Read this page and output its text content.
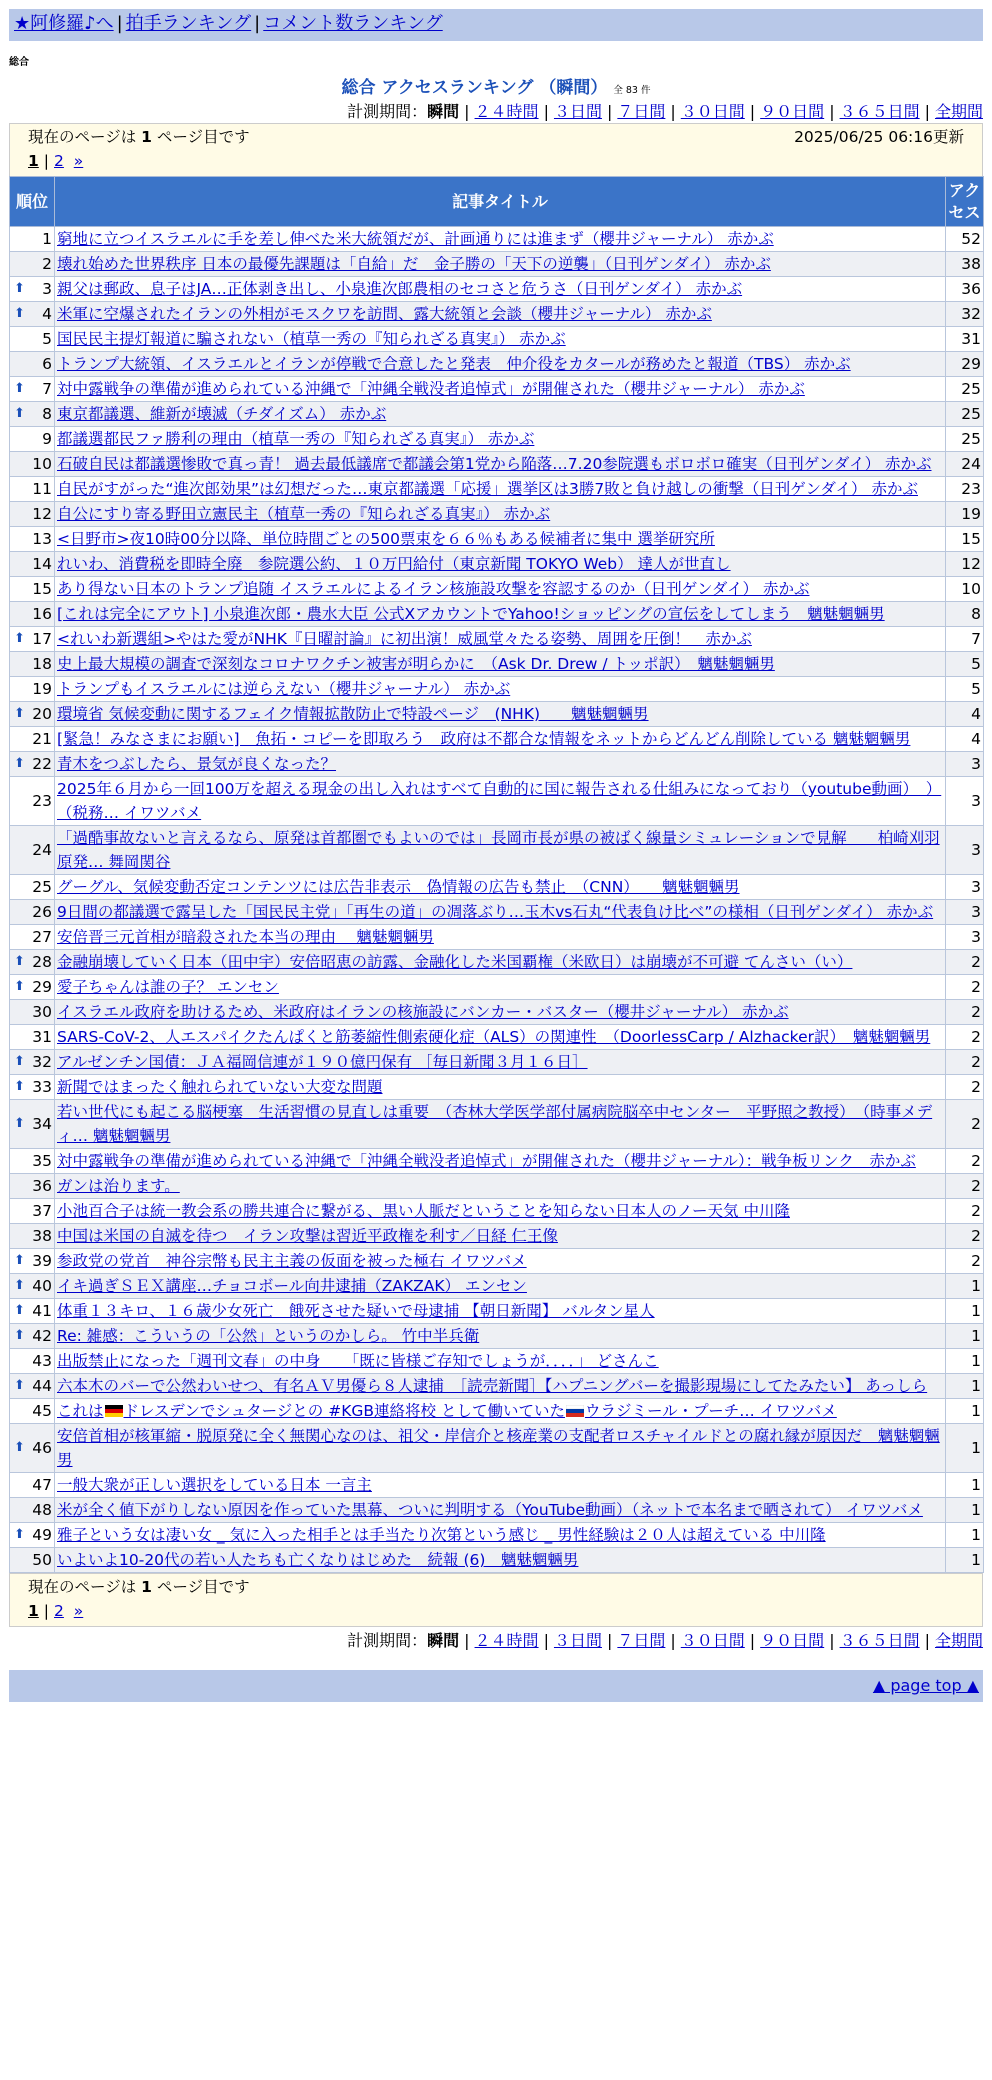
★阿修羅♪へ | 拍手ランキング | コメント数ランキング
総合
総合 アクセスランキング （瞬間） 全 83 件
計測期間：瞬間 | ２４時間 | ３日間 | ７日間 | ３０日間 | ９０日間 | ３６５日間 | 全期間
現在のページは 1 ページ目です	2025/06/25 06:16更新
1 | 2 »
順位	記事タイトル	アクセス
1	窮地に立つイスラエルに手を差し伸べた米大統領だが、計画通りには進まず（櫻井ジャーナル） 赤かぶ	52
2	壊れ始めた世界秩序 日本の最優先課題は「自給」だ　金子勝の「天下の逆襲」（日刊ゲンダイ） 赤かぶ	38

⬆ 3	親父は郵政、息子はJA…正体剥き出し、小泉進次郎農相のセコさと危うさ（日刊ゲンダイ） 赤かぶ	36

⬆ 4	米軍に空爆されたイランの外相がモスクワを訪問、露大統領と会談（櫻井ジャーナル） 赤かぶ	32
5	国民民主提灯報道に騙されない（植草一秀の『知られざる真実』） 赤かぶ	31
6	トランプ大統領、イスラエルとイランが停戦で合意したと発表　仲介役をカタールが務めたと報道（TBS） 赤かぶ	29

⬆ 7	対中露戦争の準備が進められている沖縄で「沖縄全戦没者追悼式」が開催された（櫻井ジャーナル） 赤かぶ	25

⬆ 8	東京都議選、維新が壊滅（チダイズム） 赤かぶ	25
9	都議選都民ファ勝利の理由（植草一秀の『知られざる真実』） 赤かぶ	25
10	石破自民は都議選惨敗で真っ青！ 過去最低議席で都議会第1党から陥落…7.20参院選もボロボロ確実（日刊ゲンダイ） 赤かぶ	24
11	自民がすがった“進次郎効果”は幻想だった…東京都議選「応援」選挙区は3勝7敗と負け越しの衝撃（日刊ゲンダイ） 赤かぶ	23
12	自公にすり寄る野田立憲民主（植草一秀の『知られざる真実』） 赤かぶ	19
13	<日野市>夜10時00分以降、単位時間ごとの500票束を６６％もある候補者に集中 選挙研究所	15
14	れいわ、消費税を即時全廃　参院選公約、１０万円給付（東京新聞 TOKYO Web） 達人が世直し	12
15	あり得ない日本のトランプ追随 イスラエルによるイラン核施設攻撃を容認するのか（日刊ゲンダイ） 赤かぶ	10
16	[これは完全にアウト] 小泉進次郎・農水大臣 公式XアカウントでYahoo!ショッピングの宣伝をしてしまう　魑魅魍魎男	8

⬆ 17	<れいわ新選組>やはた愛がNHK『日曜討論』に初出演！威風堂々たる姿勢、周囲を圧倒！　赤かぶ	7
18	史上最大規模の調査で深刻なコロナワクチン被害が明らかに　（Ask Dr. Drew / トッポ訳）　魑魅魍魎男	5
19	トランプもイスラエルには逆らえない（櫻井ジャーナル） 赤かぶ	5

⬆ 20	環境省 気候変動に関するフェイク情報拡散防止で特設ページ　(NHK)　　魑魅魍魎男	4
21	[緊急！みなさまにお願い]　魚拓・コピーを即取ろう　政府は不都合な情報をネットからどんどん削除している 魑魅魍魎男	4

⬆ 22	青木をつぶしたら、景気が良くなった？	3
23	2025年６月から一回100万を超える現金の出し入れはすべて自動的に国に報告される仕組みになっており（youtube動画）　）（税務… イワツバメ	3
24	「過酷事故ないと言えるなら、原発は首都圏でもよいのでは」長岡市長が県の被ばく線量シミュレーションで見解　　柏崎刈羽原発… 舞岡関谷	3
25	グーグル、気候変動否定コンテンツには広告非表示　偽情報の広告も禁止　（CNN）　　魑魅魍魎男	3
26	9日間の都議選で露呈した「国民民主党」「再生の道」の凋落ぶり…玉木vs石丸“代表負け比べ”の様相（日刊ゲンダイ） 赤かぶ	3
27	安倍晋三元首相が暗殺された本当の理由　 魑魅魍魎男	3

⬆ 28	金融崩壊していく日本（田中宇）安倍昭恵の訪露、金融化した米国覇権（米欧日）は崩壊が不可避 てんさい（い）	2

⬆ 29	愛子ちゃんは誰の子？ エンセン	2
30	イスラエル政府を助けるため、米政府はイランの核施設にバンカー・バスター（櫻井ジャーナル） 赤かぶ	2
31	SARS-CoV-2、人エスパイクたんぱくと筋萎縮性側索硬化症（ALS）の関連性　（DoorlessCarp / Alzhacker訳）　魑魅魍魎男	2

⬆ 32	アルゼンチン国債：ＪＡ福岡信連が１９０億円保有 ［毎日新聞３月１６日］	2

⬆ 33	新聞ではまったく触れられていない大変な問題	2

⬆ 34	若い世代にも起こる脳梗塞　生活習慣の見直しは重要　（杏林大学医学部付属病院脳卒中センター　平野照之教授）　（時事メディ… 魑魅魍魎男	2
35	対中露戦争の準備が進められている沖縄で「沖縄全戦没者追悼式」が開催された（櫻井ジャーナル）：戦争板リンク　赤かぶ	2
36	ガンは治ります。	2
37	小池百合子は統一教会系の勝共連合に繋がる、黒い人脈だということを知らない日本人のノー天気 中川隆	2
38	中国は米国の自滅を待つ　イラン攻撃は習近平政権を利す／日経 仁王像	2

⬆ 39	参政党の党首　神谷宗幣も民主主義の仮面を被った極右 イワツバメ	2

⬆ 40	イキ過ぎＳＥＸ講座…チョコボール向井逮捕（ZAKZAK） エンセン	1

⬆ 41	体重１３キロ、１６歳少女死亡　餓死させた疑いで母逮捕 【朝日新聞】 バルタン星人	1

⬆ 42	Re: 雑感：こういうの「公然」というのかしら。 竹中半兵衛	1
43	出版禁止になった「週刊文春」の中身　　「既に皆様ご存知でしょうが．．．．」 どさんこ	1

⬆ 44	六本木のバーで公然わいせつ、有名ＡＶ男優ら８人逮捕　［読売新聞］【ハプニングバーを撮影現場にしてたみたい】 あっしら	1
45	これは ドレスデンでシュタージとの #KGB連絡将校 として働いていた ウラジミール・プーチ… イワツバメ	1

⬆ 46	安倍首相が核軍縮・脱原発に全く無関心なのは、祖父・岸信介と核産業の支配者ロスチャイルドとの腐れ縁が原因だ　魑魅魍魎男	1
47	一般大衆が正しい選択をしている日本 一言主	1
48	米が全く値下がりしない原因を作っていた黒幕、ついに判明する（YouTube動画）（ネットで本名まで晒されて） イワツバメ	1

⬆ 49	雅子という女は凄い女 _ 気に入った相手とは手当たり次第という感じ _ 男性経験は２０人は超えている 中川隆	1
50	いよいよ10-20代の若い人たちも亡くなりはじめた　続報 (6)　魑魅魍魎男	1
現在のページは 1 ページ目です
1 | 2 »
計測期間：瞬間 | ２４時間 | ３日間 | ７日間 | ３０日間 | ９０日間 | ３６５日間 | 全期間
▲ page top ▲
